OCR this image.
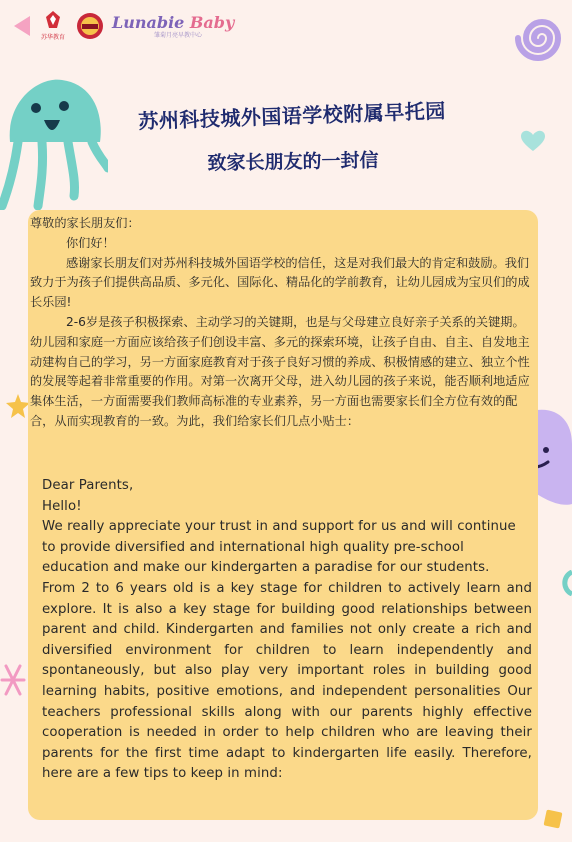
苏华教育
Lunabie Baby
雏菊月亮早教中心
苏州科技城外国语学校附属早托园
致家长朋友的一封信

尊敬的家长朋友们：

你们好！

感谢家长朋友们对苏州科技城外国语学校的信任，这是对我们最大的肯定和鼓励。我们致力于为孩子们提供高品质、多元化、国际化、精品化的学前教育，让幼儿园成为宝贝们的成长乐园!

2-6岁是孩子积极探索、主动学习的关键期，也是与父母建立良好亲子关系的关键期。幼儿园和家庭一方面应该给孩子们创设丰富、多元的探索环境，让孩子自由、自主、自发地主动建构自己的学习，另一方面家庭教育对于孩子良好习惯的养成、积极情感的建立、独立个性的发展等起着非常重要的作用。对第一次离开父母，进入幼儿园的孩子来说，能否顺利地适应集体生活，一方面需要我们教师高标准的专业素养，另一方面也需要家长们全方位有效的配合，从而实现教育的一致。为此，我们给家长们几点小贴士：

Dear Parents,

Hello!

We really appreciate your trust in and support for us and will continue to provide diversified and international high quality pre-school education and make our kindergarten a paradise for our students.

From 2 to 6 years old is a key stage for children to actively learn and explore. It is also a key stage for building good relationships between parent and child. Kindergarten and families not only create a rich and diversified environment for children to learn independently and spontaneously, but also play very important roles in building good learning habits, positive emotions, and independent personalities Our teachers professional skills along with our parents highly effective cooperation is needed in order to help children who are leaving their parents for the first time adapt to kindergarten life easily. Therefore, here are a few tips to keep in mind:
